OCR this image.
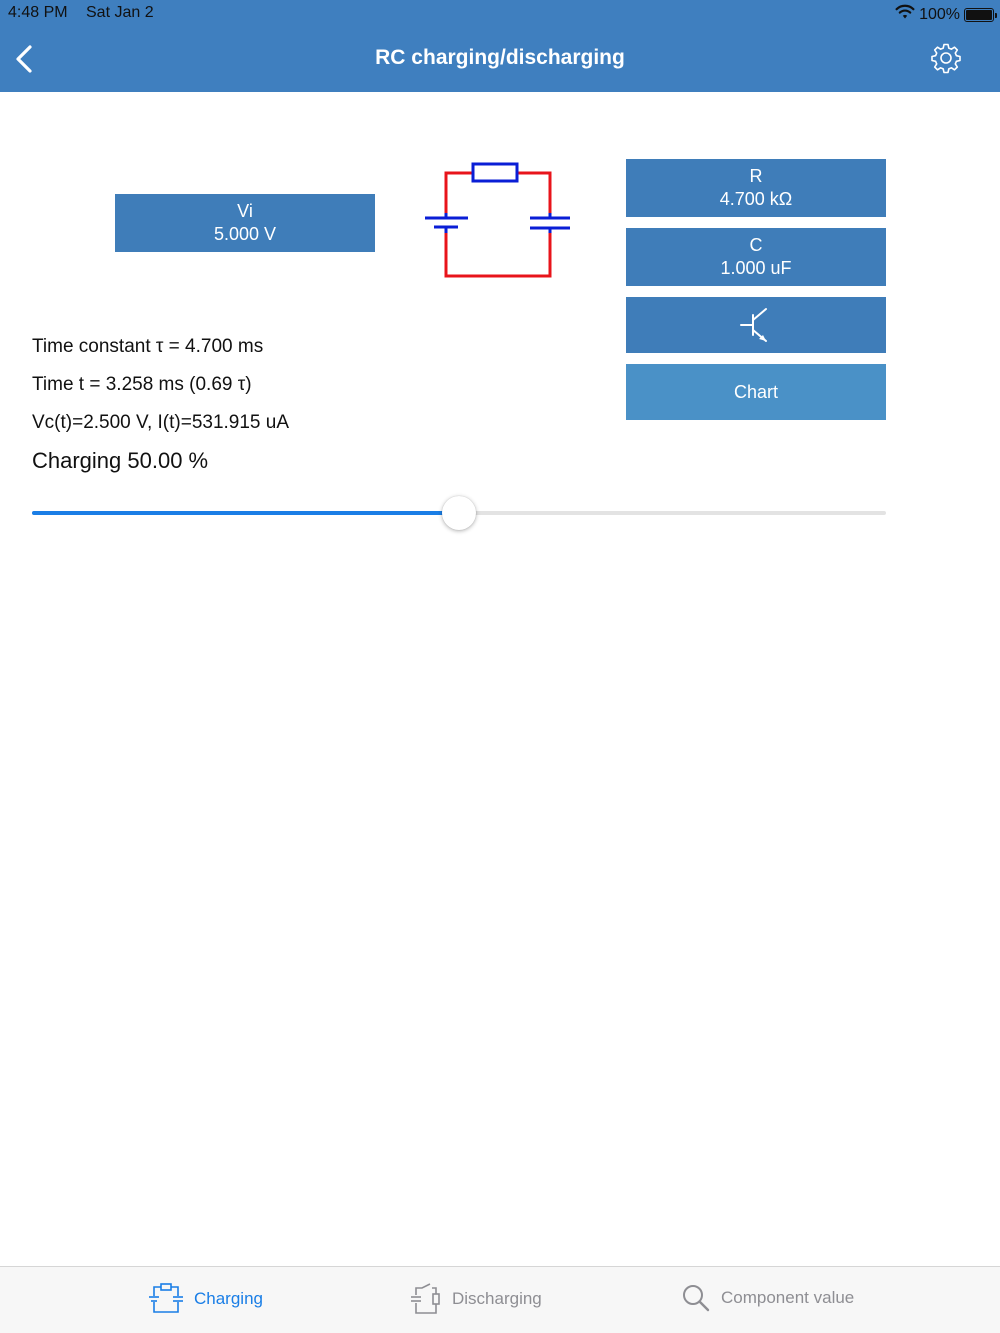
4:48 PM Sat Jan 2	100%
RC charging/discharging
Vi
5.000 V
R
4.700 kΩ
C
1.000 uF
Chart
Time constant τ = 4.700 ms
Time t = 3.258 ms (0.69 τ)
Vc(t)=2.500 V, I(t)=531.915 uA
Charging 50.00 %
Charging	Discharging	Component value
